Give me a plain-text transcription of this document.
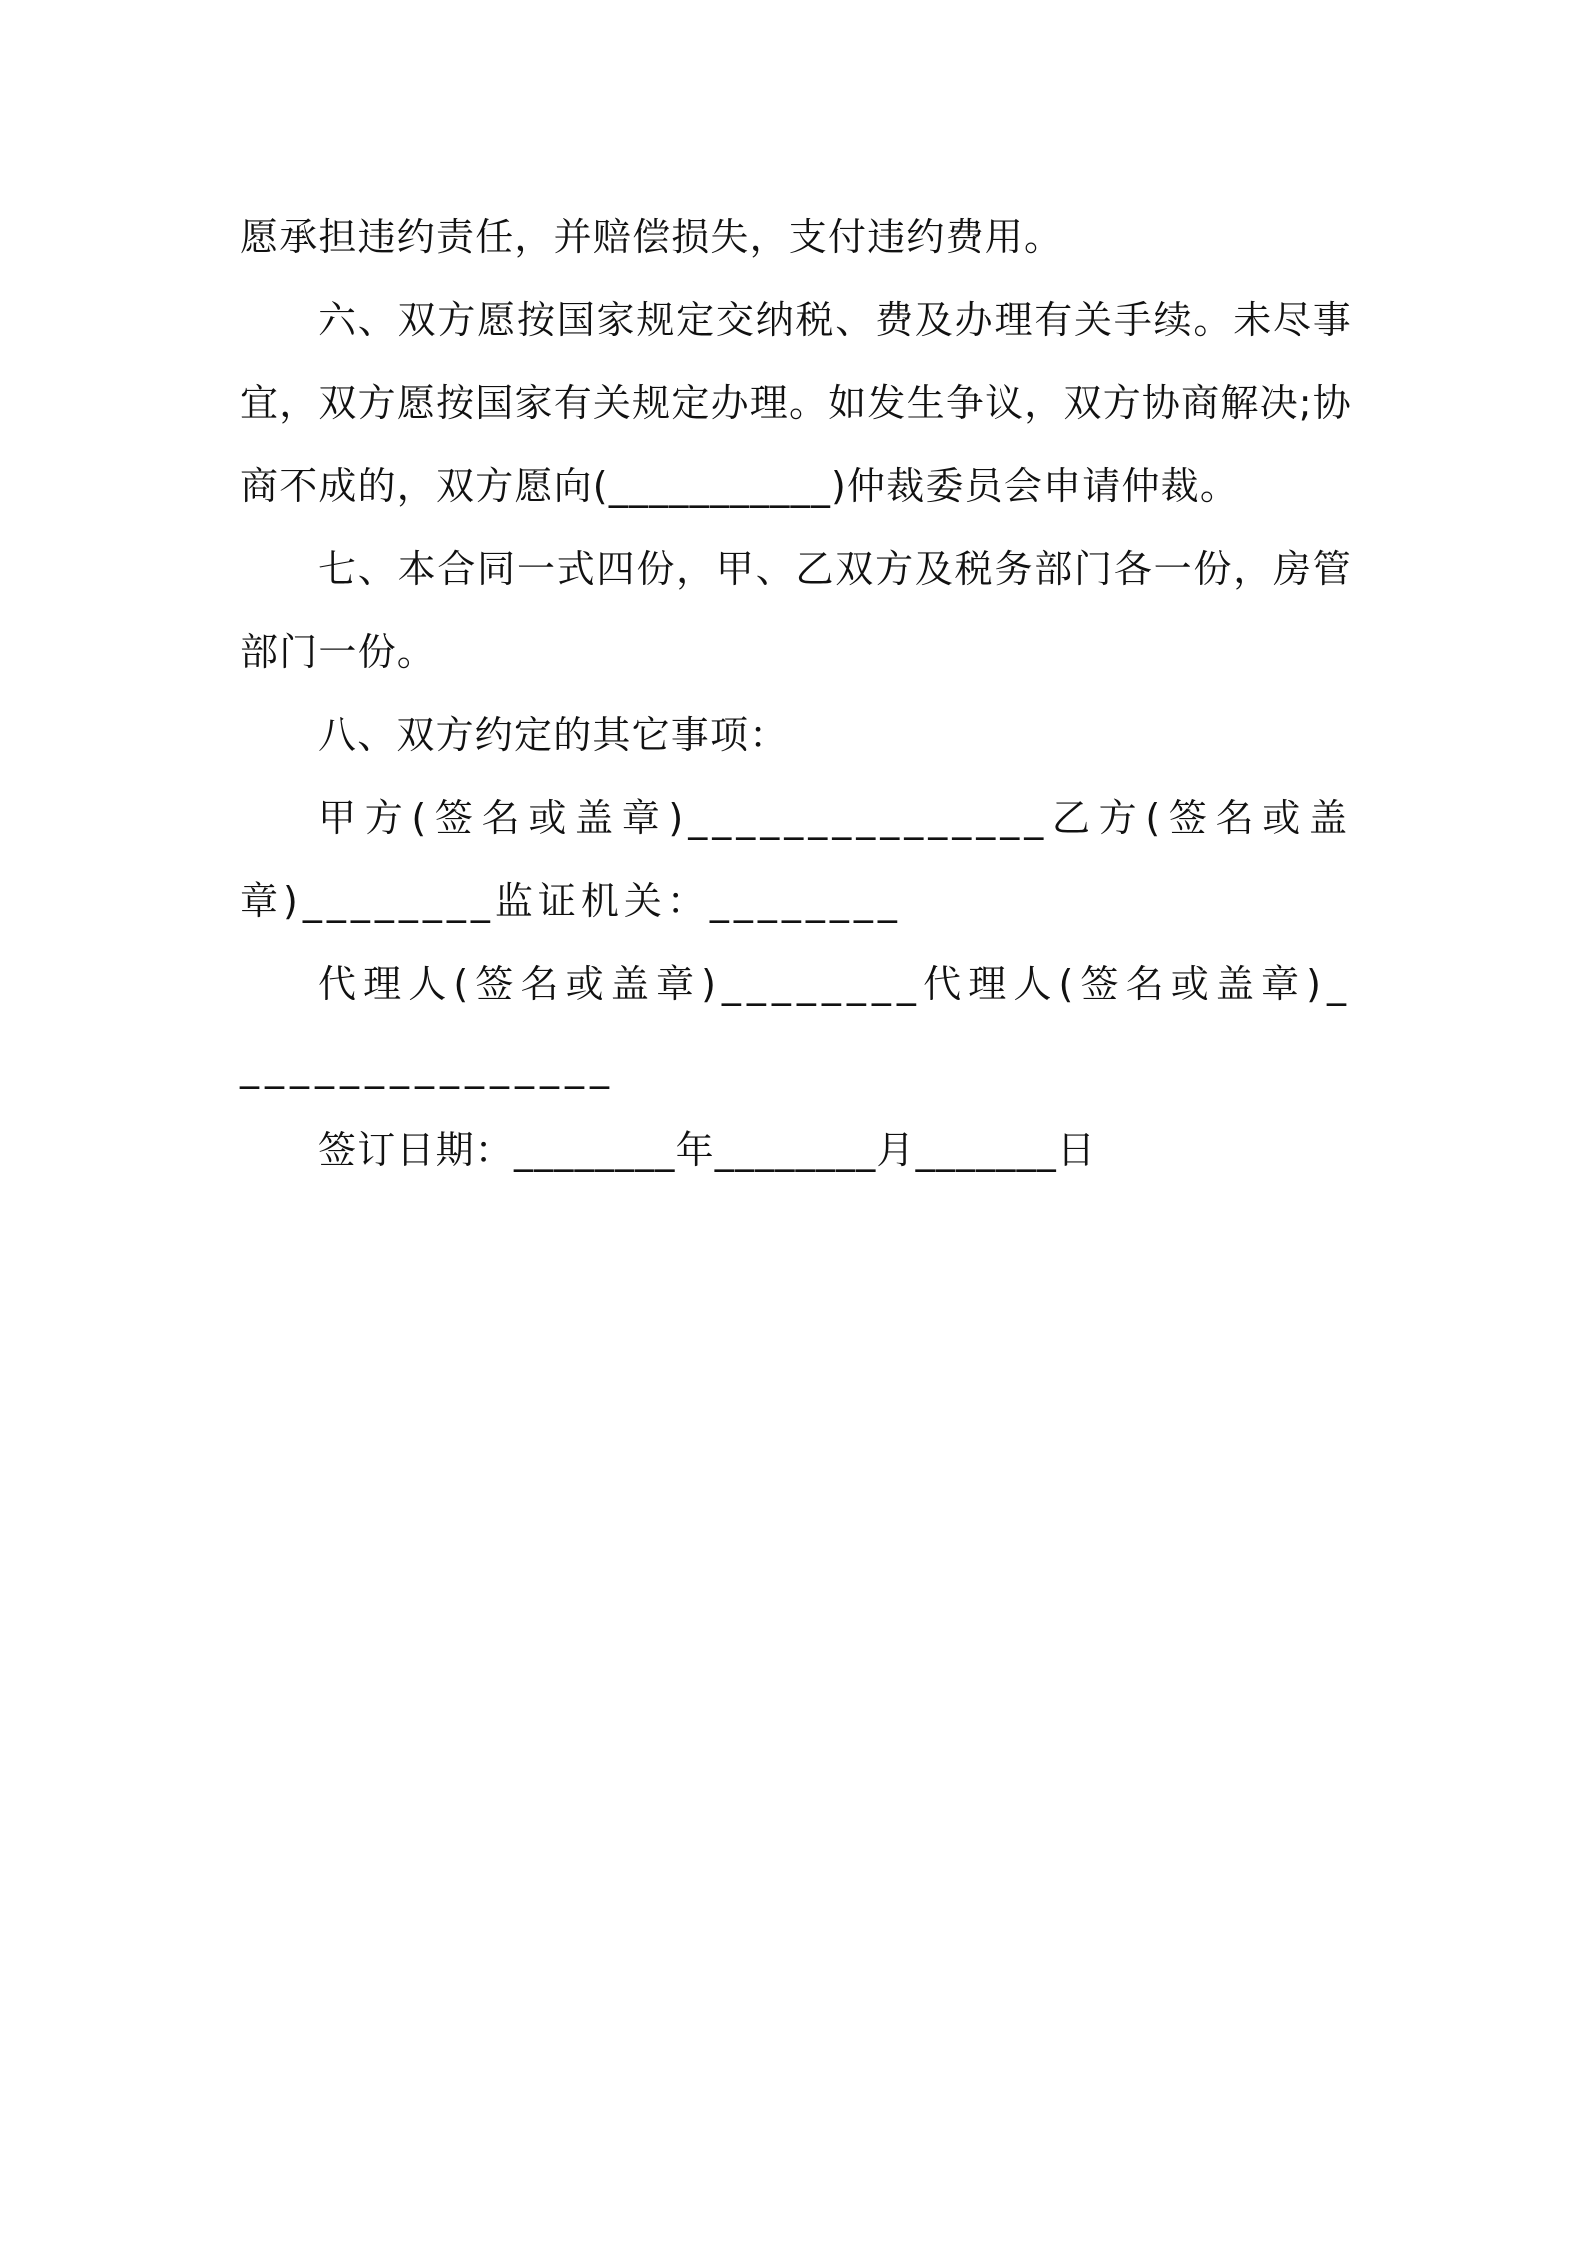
愿承担违约责任，并赔偿损失，支付违约费用。

六、双方愿按国家规定交纳税、费及办理有关手续。未尽事宜，双方愿按国家有关规定办理。如发生争议，双方协商解决;协商不成的，双方愿向(___________)仲裁委员会申请仲裁。

七、本合同一式四份，甲、乙双方及税务部门各一份，房管部门一份。

八、双方约定的其它事项：

甲方(签名或盖章)_______________乙方(签名或盖章)________监证机关：________

代理人(签名或盖章)________代理人(签名或盖章)________________

签订日期：________年________月_______日
